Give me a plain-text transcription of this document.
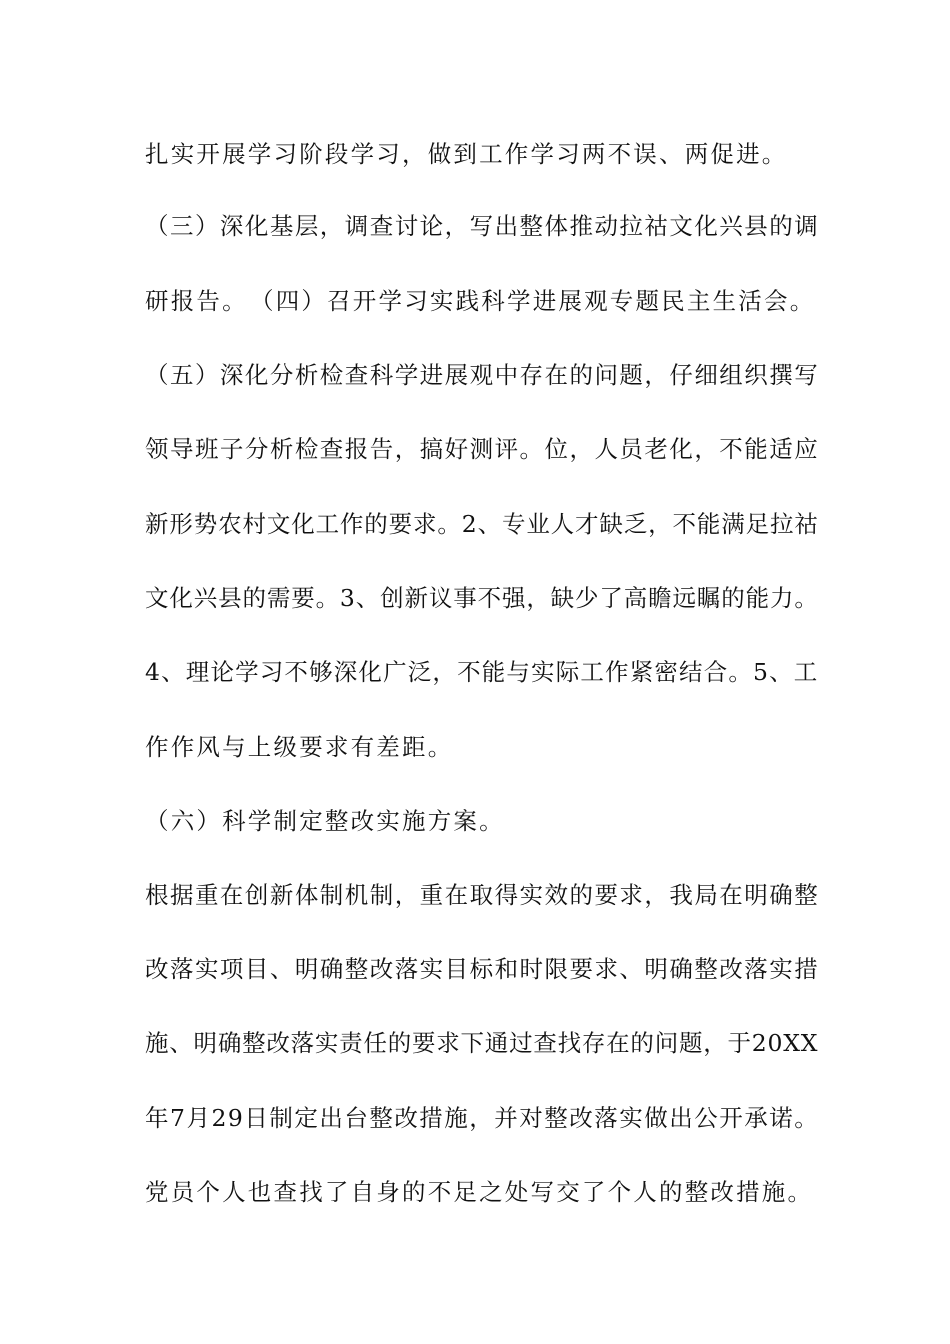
扎实开展学习阶段学习，做到工作学习两不误、两促进。
（三）深化基层，调查讨论，写出整体推动拉祜文化兴县的调
研报告。　（四）召开学习实践科学进展观专题民主生活会。
（五）深化分析检查科学进展观中存在的问题，仔细组织撰写
领导班子分析检查报告，搞好测评。位，人员老化，不能适应
新形势农村文化工作的要求。2、专业人才缺乏，不能满足拉祜
文化兴县的需要。3、创新议事不强，缺少了高瞻远瞩的能力。
4、理论学习不够深化广泛，不能与实际工作紧密结合。5、工
作作风与上级要求有差距。
（六）科学制定整改实施方案。
根据重在创新体制机制，重在取得实效的要求，我局在明确整
改落实项目、明确整改落实目标和时限要求、明确整改落实措
施、明确整改落实责任的要求下通过查找存在的问题，于20XX
年7月29日制定出台整改措施，并对整改落实做出公开承诺。
党员个人也查找了自身的不足之处写交了个人的整改措施。
